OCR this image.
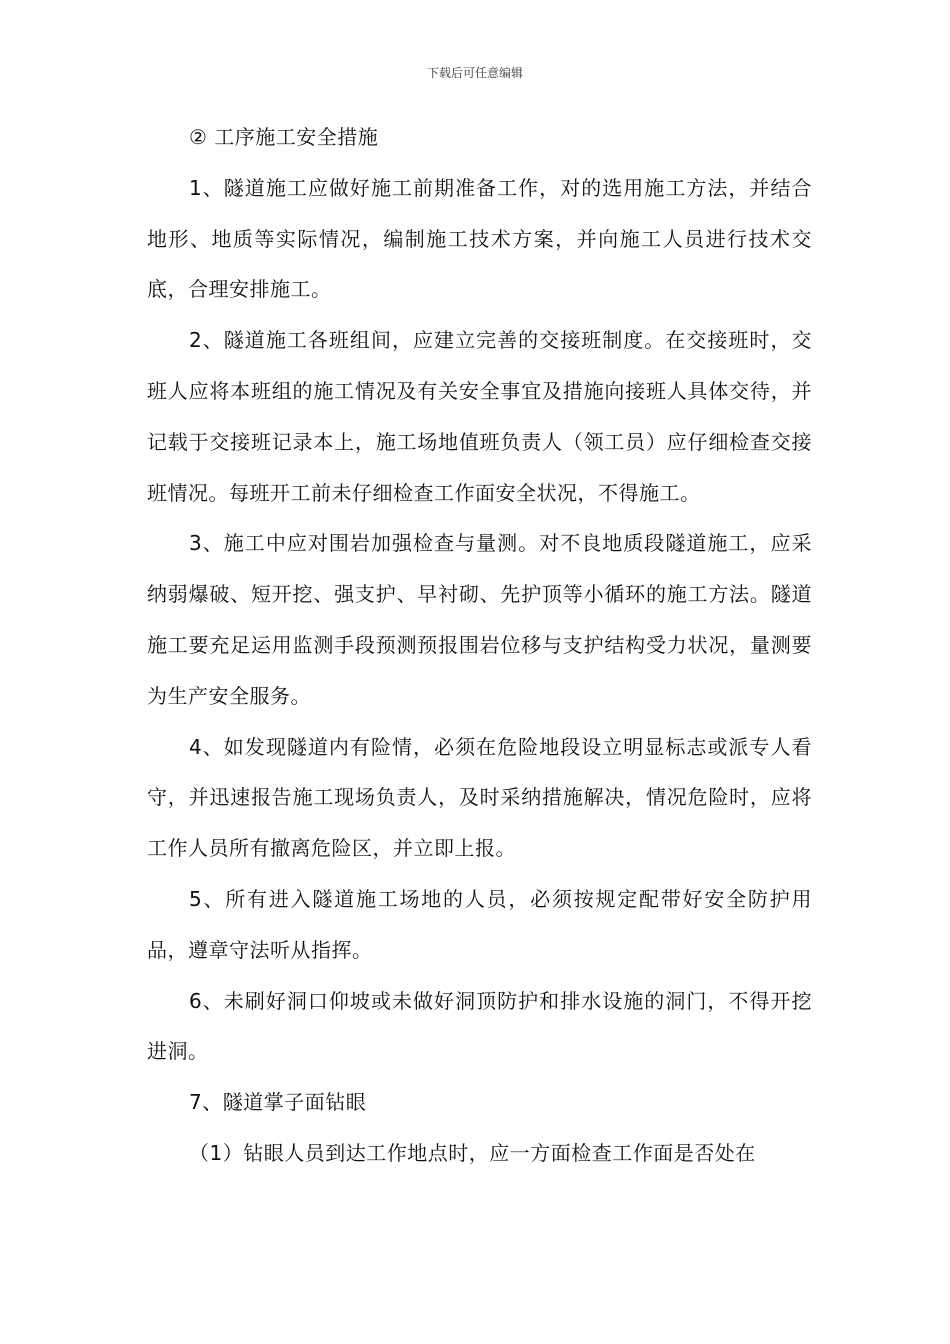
下载后可任意编辑

② 工序施工安全措施

1、隧道施工应做好施工前期准备工作，对的选用施工方法，并结合地形、地质等实际情况，编制施工技术方案，并向施工人员进行技术交底，合理安排施工。

2、隧道施工各班组间，应建立完善的交接班制度。在交接班时，交班人应将本班组的施工情况及有关安全事宜及措施向接班人具体交待，并记载于交接班记录本上，施工场地值班负责人（领工员）应仔细检查交接班情况。每班开工前未仔细检查工作面安全状况，不得施工。

3、施工中应对围岩加强检查与量测。对不良地质段隧道施工，应采纳弱爆破、短开挖、强支护、早衬砌、先护顶等小循环的施工方法。隧道施工要充足运用监测手段预测预报围岩位移与支护结构受力状况，量测要为生产安全服务。

4、如发现隧道内有险情，必须在危险地段设立明显标志或派专人看守，并迅速报告施工现场负责人，及时采纳措施解决，情况危险时，应将工作人员所有撤离危险区，并立即上报。

5、所有进入隧道施工场地的人员，必须按规定配带好安全防护用品，遵章守法听从指挥。

6、未刷好洞口仰坡或未做好洞顶防护和排水设施的洞门，不得开挖进洞。

7、隧道掌子面钻眼

（1）钻眼人员到达工作地点时，应一方面检查工作面是否处在
